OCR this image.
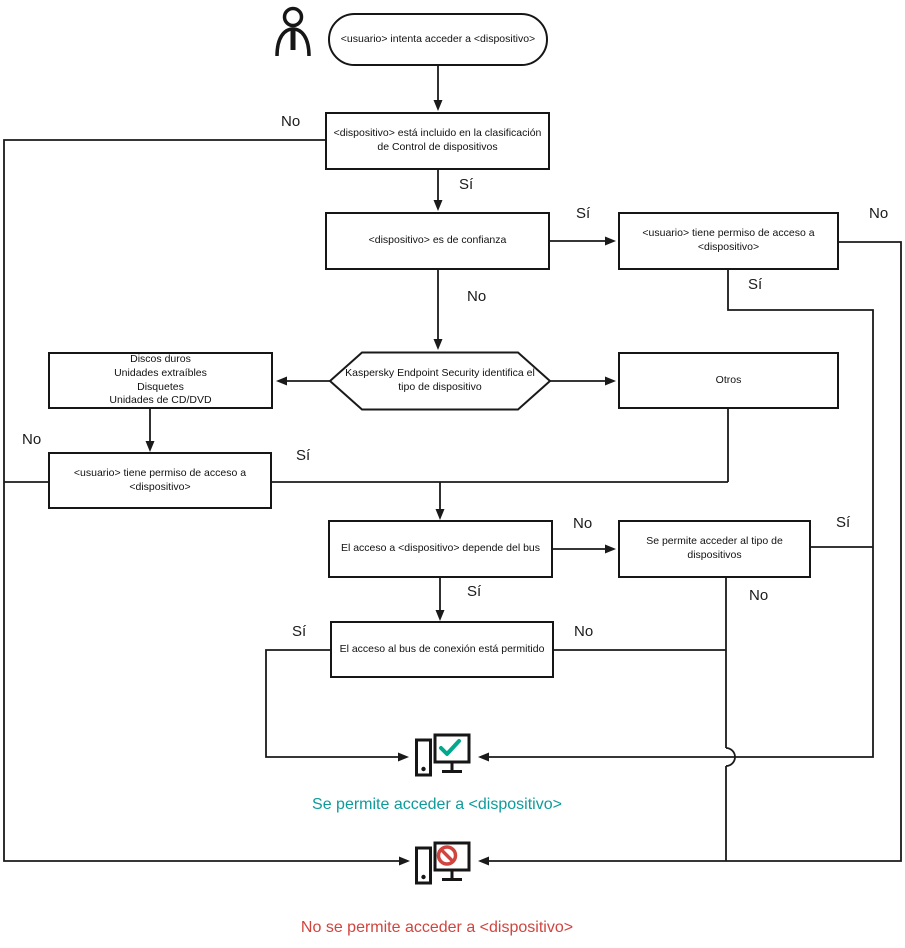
<usuario> intenta acceder a <dispositivo>
<dispositivo> está incluido en la clasificación de Control de dispositivos
<dispositivo> es de confianza
<usuario> tiene permiso de acceso a <dispositivo>
Kaspersky Endpoint Security identifica el tipo de dispositivo
Discos duros
Unidades extraíbles
Disquetes
Unidades de CD/DVD
Otros
<usuario> tiene permiso de acceso a <dispositivo>
El acceso a <dispositivo> depende del bus
Se permite acceder al tipo de dispositivos
El acceso al bus de conexión está permitido
No
Sí
Sí
No
No
Sí
No
Sí
No
Sí
Sí
No
Sí	No
Se permite acceder a <dispositivo>
No se permite acceder a <dispositivo>
